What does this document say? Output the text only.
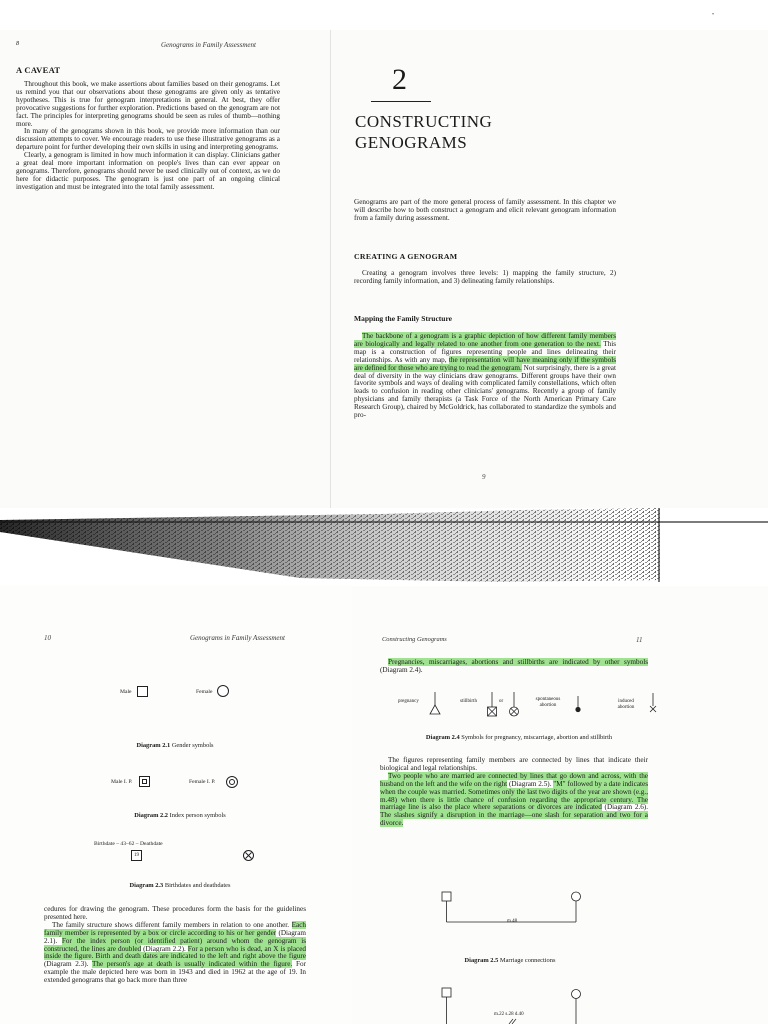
•
8	Genograms in Family Assessment
A CAVEAT

Throughout this book, we make assertions about families based on their genograms. Let us remind you that our observations about these genograms are given only as tentative hypotheses. This is true for genogram interpretations in general. At best, they offer provocative suggestions for further exploration. Predictions based on the genogram are not fact. The principles for interpreting genograms should be seen as rules of thumb—nothing more.

In many of the genograms shown in this book, we provide more information than our discussion attempts to cover. We encourage readers to use these illustrative genograms as a departure point for further developing their own skills in using and interpreting genograms.

Clearly, a genogram is limited in how much information it can display. Clinicians gather a great deal more important information on people's lives than can ever appear on genograms. Therefore, genograms should never be used clinically out of context, as we do here for didactic purposes. The genogram is just one part of an ongoing clinical investigation and must be integrated into the total family assessment.

2
CONSTRUCTING
GENOGRAMS

Genograms are part of the more general process of family assessment. In this chapter we will describe how to both construct a genogram and elicit relevant genogram information from a family during assessment.

CREATING A GENOGRAM

Creating a genogram involves three levels: 1) mapping the family structure, 2) recording family information, and 3) delineating family relationships.

Mapping the Family Structure

The backbone of a genogram is a graphic depiction of how different family members are biologically and legally related to one another from one generation to the next. This map is a construction of figures representing people and lines delineating their relationships. As with any map, the representation will have meaning only if the symbols are defined for those who are trying to read the genogram. Not surprisingly, there is a great deal of diversity in the way clinicians draw genograms. Different groups have their own favorite symbols and ways of dealing with complicated family constellations, which often leads to confusion in reading other clinicians' genograms. Recently a group of family physicians and family therapists (a Task Force of the North American Primary Care Research Group), chaired by McGoldrick, has collaborated to standardize the symbols and pro-

9
10	Genograms in Family Assessment
Male	Female
Diagram 2.1 Gender symbols
Male I. P.	Female I. P.
Diagram 2.2 Index person symbols
Birthdate – 43–62 – Deathdate
19
Diagram 2.3 Birthdates and deathdates

cedures for drawing the genogram. These procedures form the basis for the guidelines presented here.

The family structure shows different family members in relation to one another. Each family member is represented by a box or circle according to his or her gender (Diagram 2.1). For the index person (or identified patient) around whom the genogram is constructed, the lines are doubled (Diagram 2.2). For a person who is dead, an X is placed inside the figure. Birth and death dates are indicated to the left and right above the figure (Diagram 2.3). The person's age at death is usually indicated within the figure. For example the male depicted here was born in 1943 and died in 1962 at the age of 19. In extended genograms that go back more than three

Constructing Genograms	11

Pregnancies, miscarriages, abortions and stillbirths are indicated by other symbols (Diagram 2.4).

pregnancy	stillbirth	or	spontaneous
abortion
induced
abortion
Diagram 2.4 Symbols for pregnancy, miscarriage, abortion and stillbirth

The figures representing family members are connected by lines that indicate their biological and legal relationships.

Two people who are married are connected by lines that go down and across, with the husband on the left and the wife on the right (Diagram 2.5). "M" followed by a date indicates when the couple was married. Sometimes only the last two digits of the year are shown (e.g., m.48) when there is little chance of confusion regarding the appropriate century. The marriage line is also the place where separations or divorces are indicated (Diagram 2.6). The slashes signify a disruption in the marriage—one slash for separation and two for a divorce.

m.48
Diagram 2.5 Marriage connections
m.22 s.28 d.40
